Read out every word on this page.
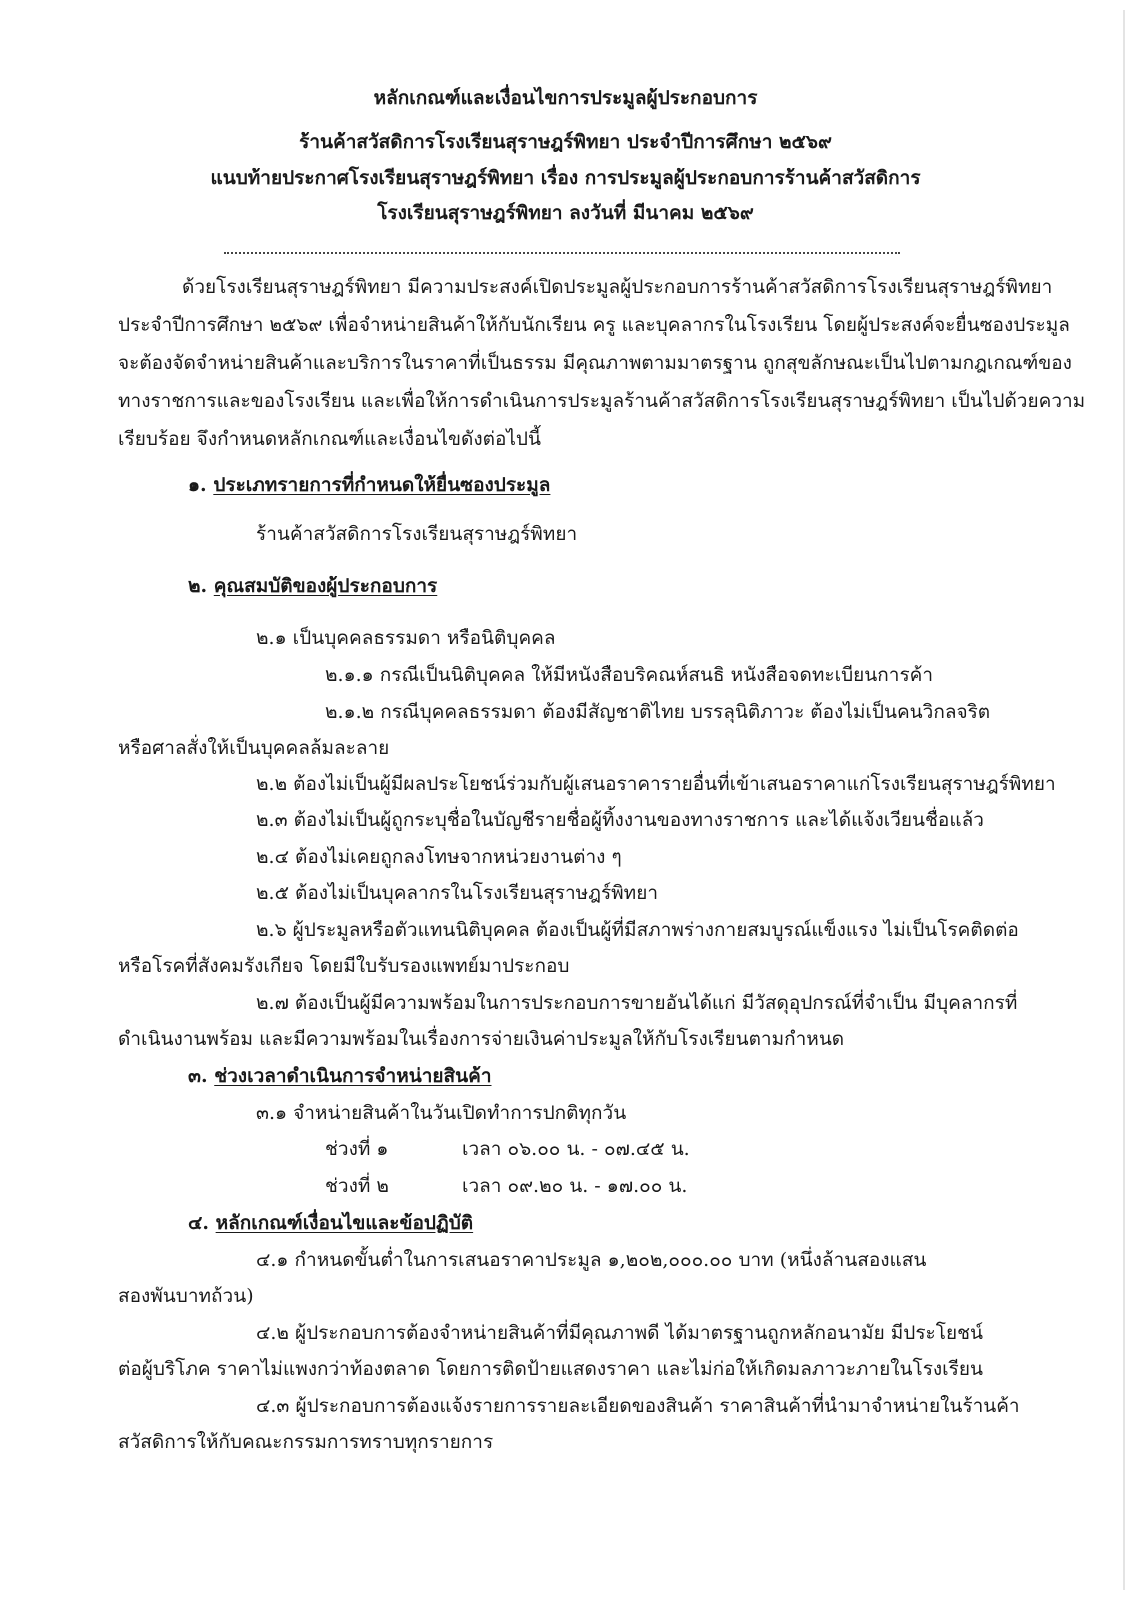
หลักเกณฑ์และเงื่อนไขการประมูลผู้ประกอบการ
ร้านค้าสวัสดิการโรงเรียนสุราษฎร์พิทยา ประจำปีการศึกษา ๒๕๖๙
แนบท้ายประกาศโรงเรียนสุราษฎร์พิทยา เรื่อง การประมูลผู้ประกอบการร้านค้าสวัสดิการ
โรงเรียนสุราษฎร์พิทยา ลงวันที่ มีนาคม ๒๕๖๙
ด้วยโรงเรียนสุราษฎร์พิทยา มีความประสงค์เปิดประมูลผู้ประกอบการร้านค้าสวัสดิการโรงเรียนสุราษฎร์พิทยา
ประจำปีการศึกษา ๒๕๖๙ เพื่อจำหน่ายสินค้าให้กับนักเรียน ครู และบุคลากรในโรงเรียน โดยผู้ประสงค์จะยื่นซองประมูล
จะต้องจัดจำหน่ายสินค้าและบริการในราคาที่เป็นธรรม มีคุณภาพตามมาตรฐาน ถูกสุขลักษณะเป็นไปตามกฎเกณฑ์ของ
ทางราชการและของโรงเรียน และเพื่อให้การดำเนินการประมูลร้านค้าสวัสดิการโรงเรียนสุราษฎร์พิทยา เป็นไปด้วยความ
เรียบร้อย จึงกำหนดหลักเกณฑ์และเงื่อนไขดังต่อไปนี้
๑. ประเภทรายการที่กำหนดให้ยื่นซองประมูล
ร้านค้าสวัสดิการโรงเรียนสุราษฎร์พิทยา
๒. คุณสมบัติของผู้ประกอบการ
๒.๑ เป็นบุคคลธรรมดา หรือนิติบุคคล
๒.๑.๑ กรณีเป็นนิติบุคคล ให้มีหนังสือบริคณห์สนธิ หนังสือจดทะเบียนการค้า
๒.๑.๒ กรณีบุคคลธรรมดา ต้องมีสัญชาติไทย บรรลุนิติภาวะ ต้องไม่เป็นคนวิกลจริต
หรือศาลสั่งให้เป็นบุคคลล้มละลาย
๒.๒ ต้องไม่เป็นผู้มีผลประโยชน์ร่วมกับผู้เสนอราคารายอื่นที่เข้าเสนอราคาแก่โรงเรียนสุราษฎร์พิทยา
๒.๓ ต้องไม่เป็นผู้ถูกระบุชื่อในบัญชีรายชื่อผู้ทิ้งงานของทางราชการ และได้แจ้งเวียนชื่อแล้ว
๒.๔ ต้องไม่เคยถูกลงโทษจากหน่วยงานต่าง ๆ
๒.๕ ต้องไม่เป็นบุคลากรในโรงเรียนสุราษฎร์พิทยา
๒.๖ ผู้ประมูลหรือตัวแทนนิติบุคคล ต้องเป็นผู้ที่มีสภาพร่างกายสมบูรณ์แข็งแรง ไม่เป็นโรคติดต่อ
หรือโรคที่สังคมรังเกียจ โดยมีใบรับรองแพทย์มาประกอบ
๒.๗ ต้องเป็นผู้มีความพร้อมในการประกอบการขายอันได้แก่ มีวัสดุอุปกรณ์ที่จำเป็น มีบุคลากรที่
ดำเนินงานพร้อม และมีความพร้อมในเรื่องการจ่ายเงินค่าประมูลให้กับโรงเรียนตามกำหนด
๓. ช่วงเวลาดำเนินการจำหน่ายสินค้า
๓.๑ จำหน่ายสินค้าในวันเปิดทำการปกติทุกวัน
ช่วงที่ ๑	เวลา ๐๖.๐๐ น. - ๐๗.๔๕ น.
ช่วงที่ ๒	เวลา ๐๙.๒๐ น. - ๑๗.๐๐ น.
๔. หลักเกณฑ์เงื่อนไขและข้อปฏิบัติ
๔.๑ กำหนดขั้นต่ำในการเสนอราคาประมูล ๑,๒๐๒,๐๐๐.๐๐ บาท (หนึ่งล้านสองแสน
สองพันบาทถ้วน)
๔.๒ ผู้ประกอบการต้องจำหน่ายสินค้าที่มีคุณภาพดี ได้มาตรฐานถูกหลักอนามัย มีประโยชน์
ต่อผู้บริโภค ราคาไม่แพงกว่าท้องตลาด โดยการติดป้ายแสดงราคา และไม่ก่อให้เกิดมลภาวะภายในโรงเรียน
๔.๓ ผู้ประกอบการต้องแจ้งรายการรายละเอียดของสินค้า ราคาสินค้าที่นำมาจำหน่ายในร้านค้า
สวัสดิการให้กับคณะกรรมการทราบทุกรายการ
